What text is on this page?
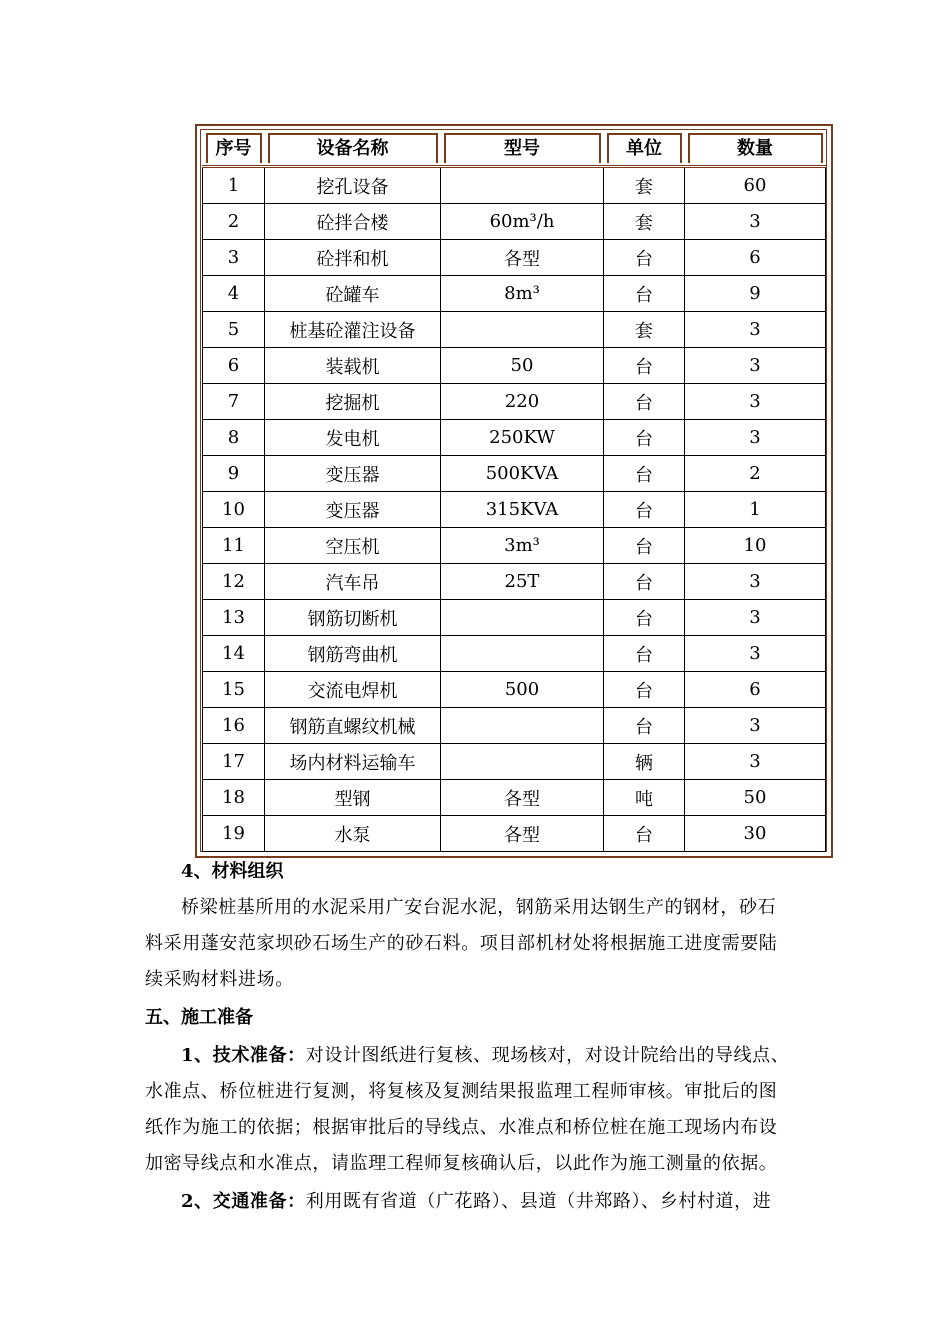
序号	设备名称	型号	单位	数量

1	挖孔设备		套	60
2	砼拌合楼	60m³/h	套	3
3	砼拌和机	各型	台	6
4	砼罐车	8m³	台	9
5	桩基砼灌注设备		套	3
6	装载机	50	台	3
7	挖掘机	220	台	3
8	发电机	250KW	台	3
9	变压器	500KVA	台	2
10	变压器	315KVA	台	1
11	空压机	3m³	台	10
12	汽车吊	25T	台	3
13	钢筋切断机		台	3
14	钢筋弯曲机		台	3
15	交流电焊机	500	台	6
16	钢筋直螺纹机械		台	3
17	场内材料运输车		辆	3
18	型钢	各型	吨	50
19	水泵	各型	台	30
4、材料组织
桥梁桩基所用的水泥采用广安台泥水泥，钢筋采用达钢生产的钢材，砂石
料采用蓬安范家坝砂石场生产的砂石料。项目部机材处将根据施工进度需要陆
续采购材料进场。
五、施工准备
1、技术准备：对设计图纸进行复核、现场核对，对设计院给出的导线点、
水准点、桥位桩进行复测，将复核及复测结果报监理工程师审核。审批后的图
纸作为施工的依据；根据审批后的导线点、水准点和桥位桩在施工现场内布设
加密导线点和水准点，请监理工程师复核确认后，以此作为施工测量的依据。
2、交通准备：利用既有省道（广花路）、县道（井郑路）、乡村村道，进
